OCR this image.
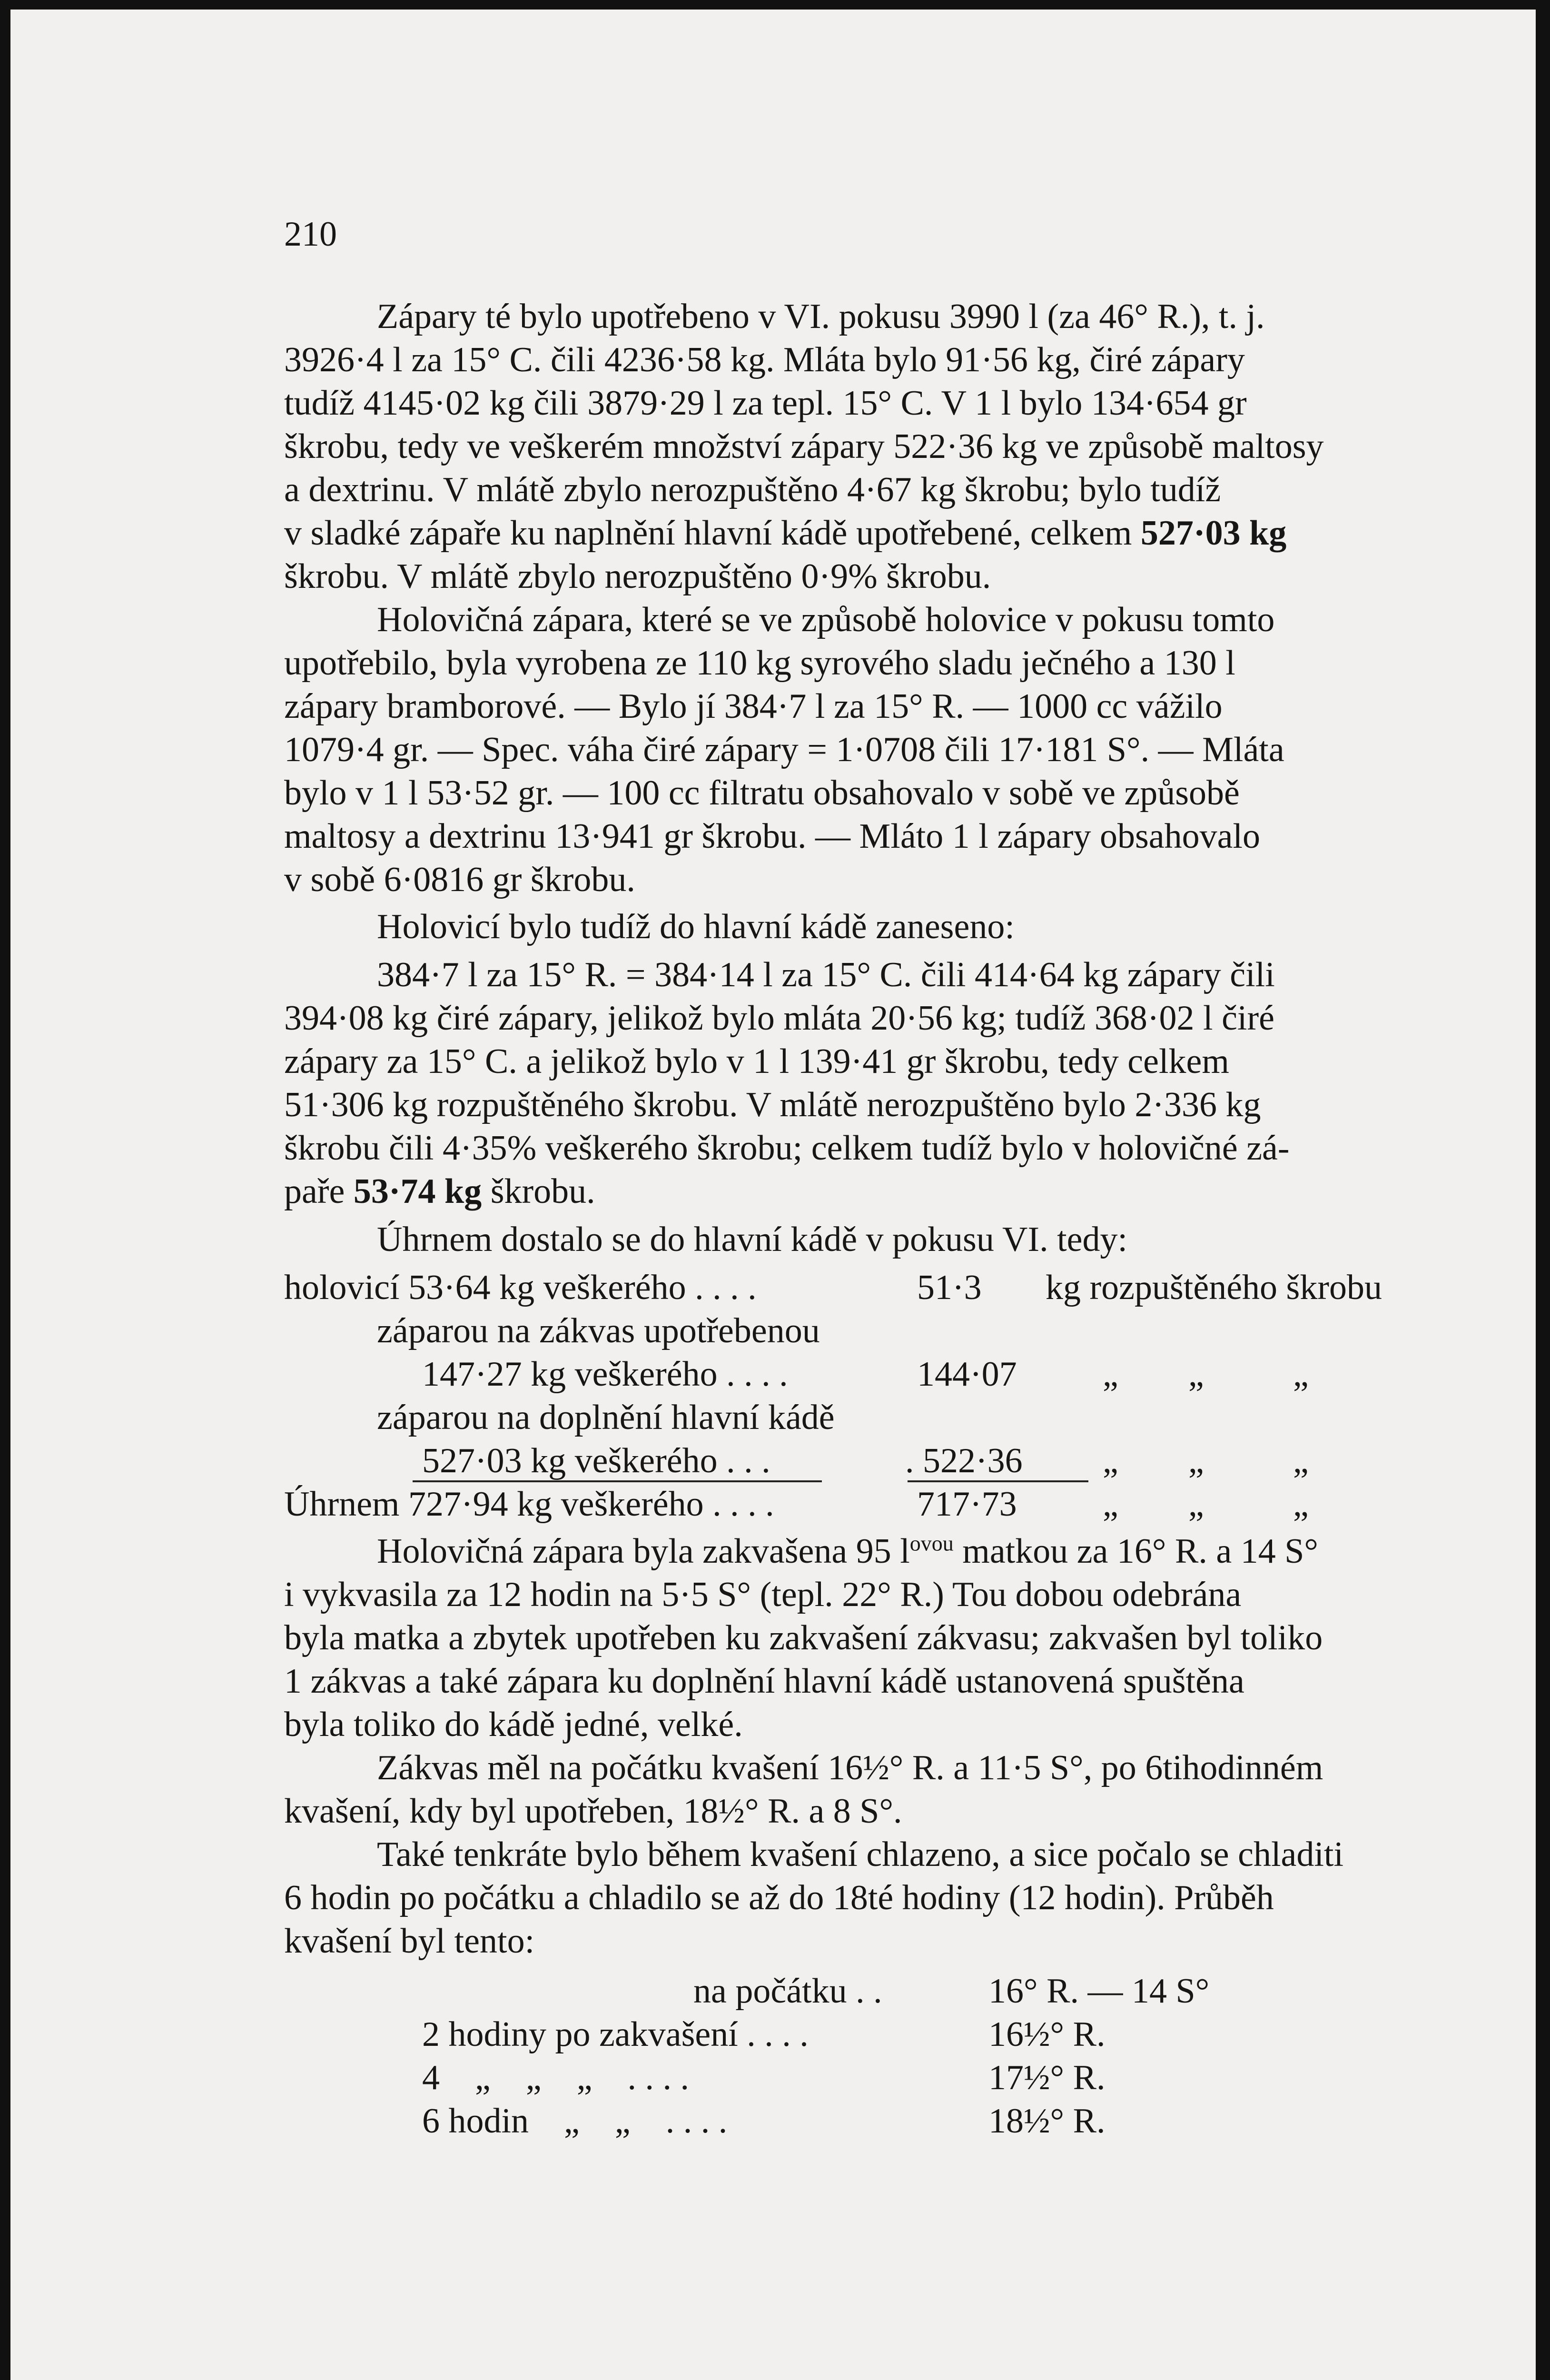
210

Zápary té bylo upotřebeno v VI. pokusu 3990 l (za 46° R.), t. j.
3926·4 l za 15° C. čili 4236·58 kg. Mláta bylo 91·56 kg, čiré zápary
tudíž 4145·02 kg čili 3879·29 l za tepl. 15° C. V 1 l bylo 134·654 gr
škrobu, tedy ve veškerém množství zápary 522·36 kg ve způsobě maltosy
a dextrinu. V mlátě zbylo nerozpuštěno 4·67 kg škrobu; bylo tudíž
v sladké zápaře ku naplnění hlavní kádě upotřebené, celkem 527·03 kg
škrobu. V mlátě zbylo nerozpuštěno 0·9% škrobu.

Holovičná zápara, které se ve způsobě holovice v pokusu tomto
upotřebilo, byla vyrobena ze 110 kg syrového sladu ječného a 130 l
zápary bramborové. — Bylo jí 384·7 l za 15° R. — 1000 cc vážilo
1079·4 gr. — Spec. váha čiré zápary = 1·0708 čili 17·181 S°. — Mláta
bylo v 1 l 53·52 gr. — 100 cc filtratu obsahovalo v sobě ve způsobě
maltosy a dextrinu 13·941 gr škrobu. — Mláto 1 l zápary obsahovalo
v sobě 6·0816 gr škrobu.

Holovicí bylo tudíž do hlavní kádě zaneseno:

384·7 l za 15° R. = 384·14 l za 15° C. čili 414·64 kg zápary čili
394·08 kg čiré zápary, jelikož bylo mláta 20·56 kg; tudíž 368·02 l čiré
zápary za 15° C. a jelikož bylo v 1 l 139·41 gr škrobu, tedy celkem
51·306 kg rozpuštěného škrobu. V mlátě nerozpuštěno bylo 2·336 kg
škrobu čili 4·35% veškerého škrobu; celkem tudíž bylo v holovičné zá-
paře 53·74 kg škrobu.

Úhrnem dostalo se do hlavní kádě v pokusu VI. tedy:

holovicí 53·64 kg veškerého . . . .	51·3 kg rozpuštěného škrobu
záparou na zákvas upotřebenou
147·27 kg veškerého . . . .	144·07 „ „	„
záparou na doplnění hlavní kádě
527·03 kg veškerého . . .	. 522·36 „ „	„
Úhrnem 727·94 kg veškerého . . . .	717·73 „ „	„

Holovičná zápara byla zakvašena 95 $l^{ovou}$ matkou za 16° R. a 14 S°
i vykvasila za 12 hodin na 5·5 S° (tepl. 22° R.) Tou dobou odebrána
byla matka a zbytek upotřeben ku zakvašení zákvasu; zakvašen byl toliko
1 zákvas a také zápara ku doplnění hlavní kádě ustanovená spuštěna
byla toliko do kádě jedné, velké.

Zákvas měl na počátku kvašení 16½° R. a 11·5 S°, po 6tihodinném
kvašení, kdy byl upotřeben, 18½° R. a 8 S°.

Také tenkráte bylo během kvašení chlazeno, a sice počalo se chladiti
6 hodin po počátku a chladilo se až do 18té hodiny (12 hodin). Průběh
kvašení byl tento:

na počátku . .	16° R. — 14 S°
2 hodiny po zakvašení . . . .	16½° R.
4    „    „    „    . . . .	17½° R.
6 hodin    „    „    . . . .	18½° R.
